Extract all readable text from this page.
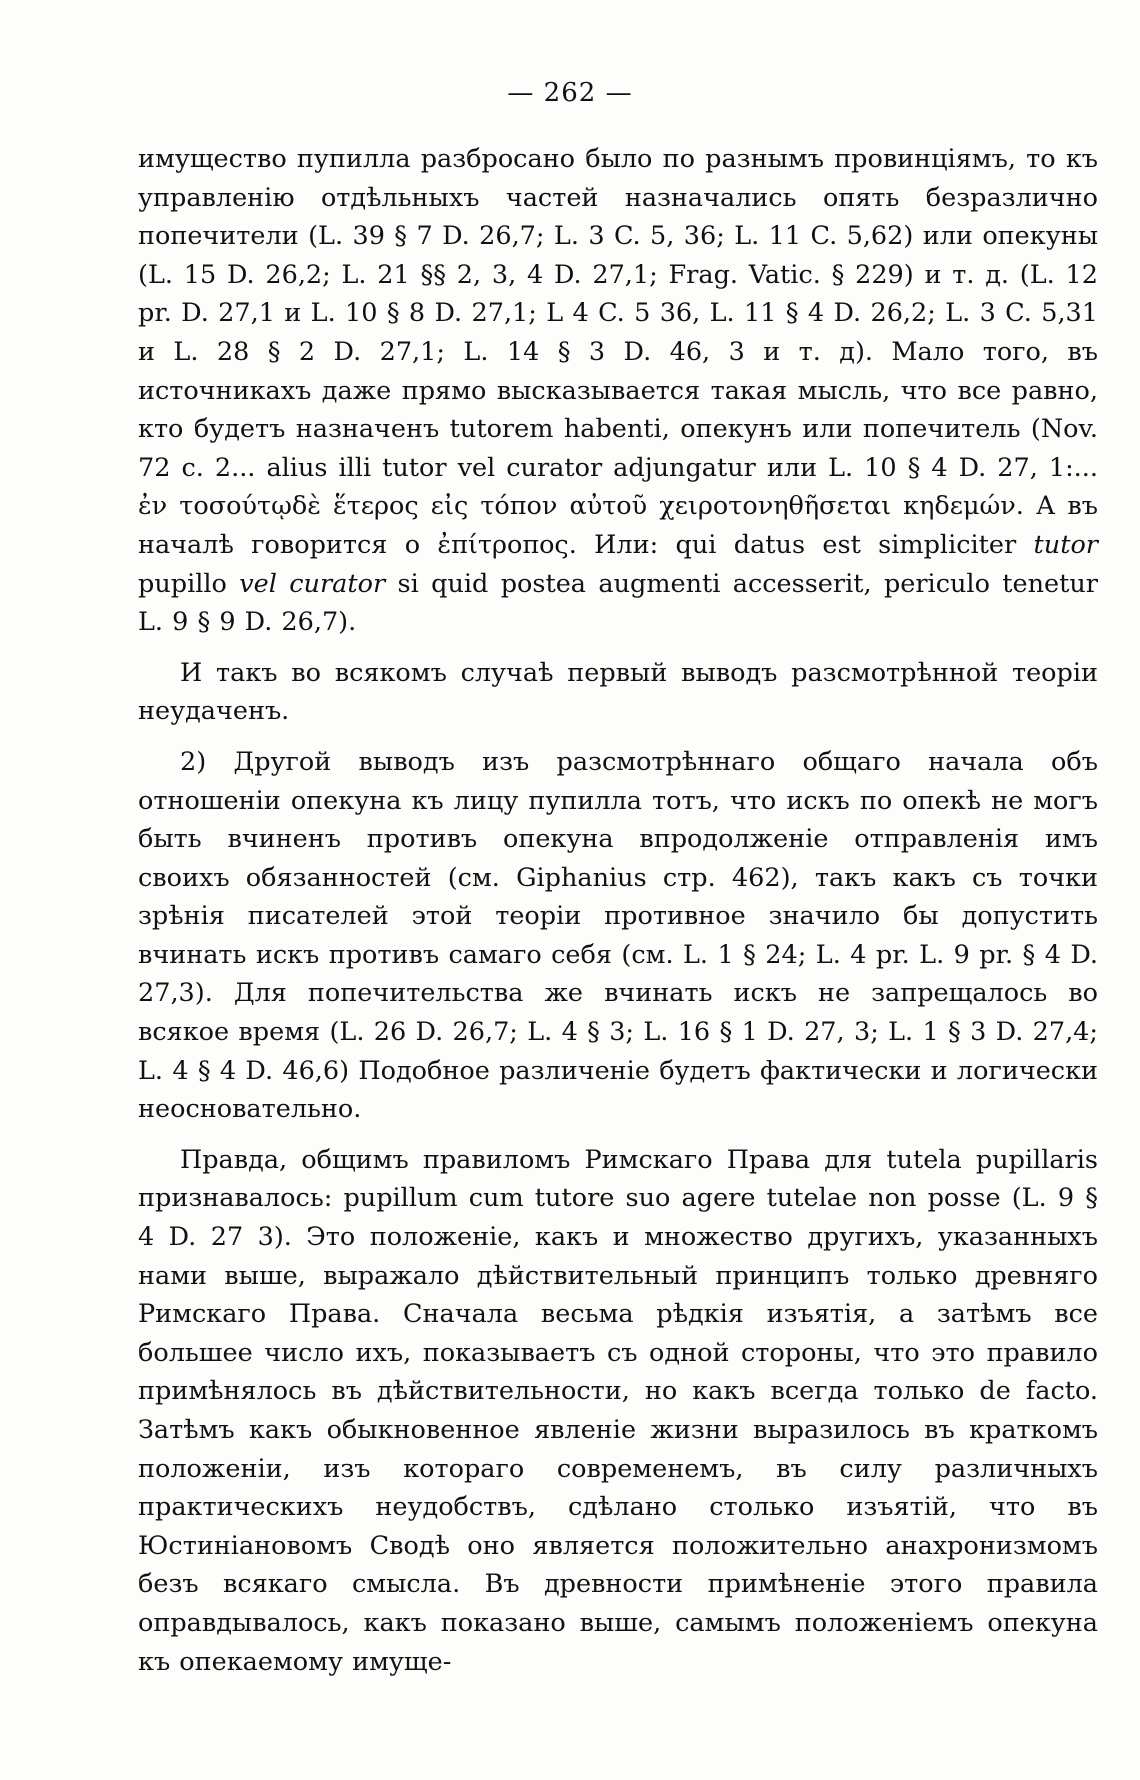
— 262 —

имущество пупилла разбросано было по разнымъ провинціямъ, то къ управленію отдѣльныхъ частей назначались опять безразлично попечители (L. 39 § 7 D. 26,7; L. 3 C. 5, 36; L. 11 C. 5,62) или опекуны (L. 15 D. 26,2; L. 21 §§ 2, 3, 4 D. 27,1; Frag. Vatic. § 229) и т. д. (L. 12 pr. D. 27,1 и L. 10 § 8 D. 27,1; L 4 C. 5 36, L. 11 § 4 D. 26,2; L. 3 C. 5,31 и L. 28 § 2 D. 27,1; L. 14 § 3 D. 46, 3 и т. д). Мало того, въ источникахъ даже прямо высказывается такая мысль, что все равно, кто будетъ назначенъ tutorem habenti, опекунъ или попечитель (Nov. 72 c. 2... alius illi tutor vel curator adjungatur или L. 10 § 4 D. 27, 1:... ἐν τοσούτῳδὲ ἕτερος εἰς τόπον αὐτοῦ χειροτονηθῆσεται κηδεμών. А въ началѣ говорится о ἐπίτροπος. Или: qui datus est simpliciter tutor pupillo vel curator si quid postea augmenti accesserit, periculo tenetur L. 9 § 9 D. 26,7).

И такъ во всякомъ случаѣ первый выводъ разсмотрѣнной теоріи неудаченъ.

2) Другой выводъ изъ разсмотрѣннаго общаго начала объ отношеніи опекуна къ лицу пупилла тотъ, что искъ по опекѣ не могъ быть вчиненъ противъ опекуна впродолженіе отправленія имъ своихъ обязанностей (см. Giphanius стр. 462), такъ какъ съ точки зрѣнія писателей этой теоріи противное значило бы допустить вчинать искъ противъ самаго себя (см. L. 1 § 24; L. 4 pr. L. 9 pr. § 4 D. 27,3). Для попечительства же вчинать искъ не запрещалось во всякое время (L. 26 D. 26,7; L. 4 § 3; L. 16 § 1 D. 27, 3; L. 1 § 3 D. 27,4; L. 4 § 4 D. 46,6) Подобное различеніе будетъ фактически и логически неосновательно.

Правда, общимъ правиломъ Римскаго Права для tutela pupillaris признавалось: pupillum cum tutore suo agere tutelae non posse (L. 9 § 4 D. 27 3). Это положеніе, какъ и множество другихъ, указанныхъ нами выше, выражало дѣйствительный принципъ только древняго Римскаго Права. Сначала весьма рѣдкія изъятія, а затѣмъ все большее число ихъ, показываетъ съ одной стороны, что это правило примѣнялось въ дѣйствительности, но какъ всегда только de facto. Затѣмъ какъ обыкновенное явленіе жизни выразилось въ краткомъ положеніи, изъ котораго современемъ, въ силу различныхъ практическихъ неудобствъ, сдѣлано столько изъятій, что въ Юстиніановомъ Сводѣ оно является положительно анахронизмомъ безъ всякаго смысла. Въ древности примѣненіе этого правила оправдывалось, какъ показано выше, самымъ положеніемъ опекуна къ опекаемому имуще-
